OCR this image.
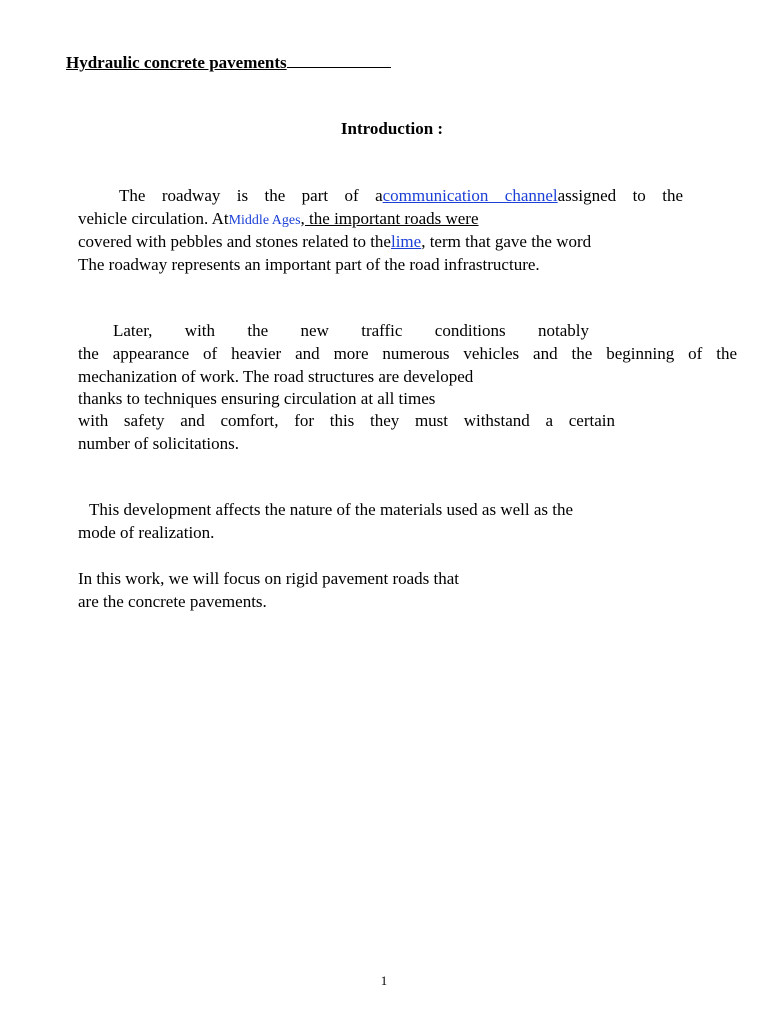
Hydraulic concrete pavements
Introduction :
The roadway is the part of acommunication channelassigned to the
vehicle circulation. AtMiddle Ages, the important roads were
covered with pebbles and stones related to thelime, term that gave the word
The roadway represents an important part of the road infrastructure.
Later, with the new traffic conditions notably
the appearance of heavier and more numerous vehicles and the beginning of the
mechanization of work. The road structures are developed
thanks to techniques ensuring circulation at all times
with safety and comfort, for this they must withstand a certain
number of solicitations.
This development affects the nature of the materials used as well as the
mode of realization.
In this work, we will focus on rigid pavement roads that
are the concrete pavements.
1
